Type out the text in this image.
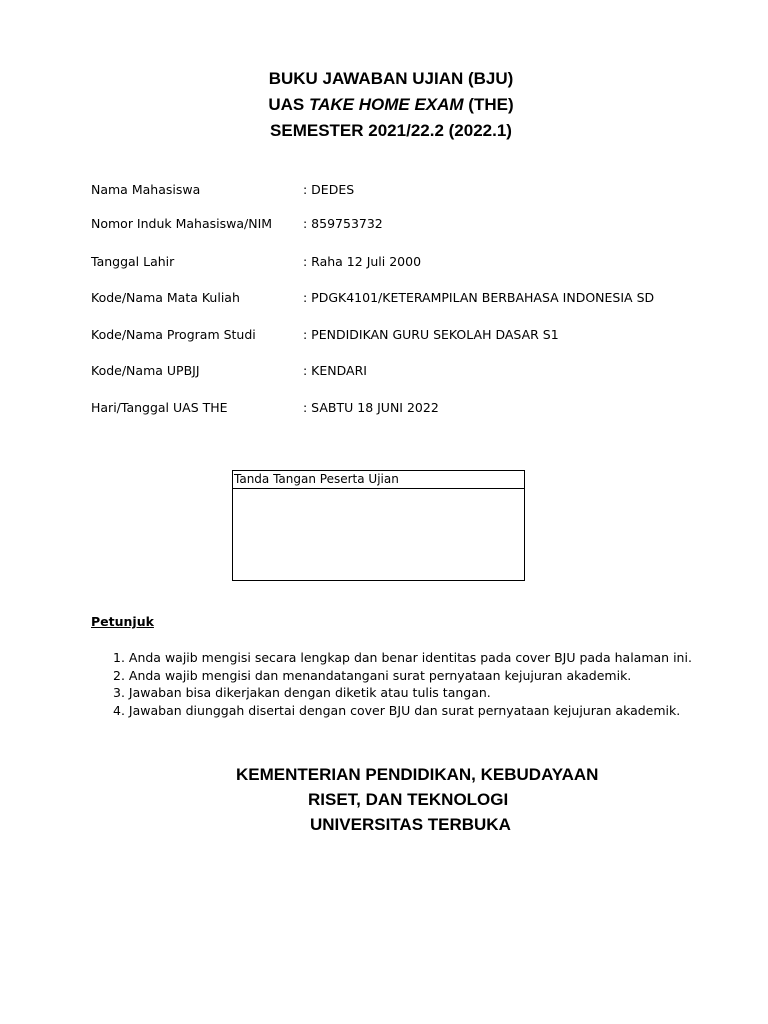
BUKU JAWABAN UJIAN (BJU)
UAS TAKE HOME EXAM (THE)
SEMESTER 2021/22.2 (2022.1)
Nama Mahasiswa	: DEDES
Nomor Induk Mahasiswa/NIM : 859753732
Tanggal Lahir	: Raha 12 Juli 2000
Kode/Nama Mata Kuliah	: PDGK4101/KETERAMPILAN BERBAHASA INDONESIA SD
Kode/Nama Program Studi	: PENDIDIKAN GURU SEKOLAH DASAR S1
Kode/Nama UPBJJ	: KENDARI
Hari/Tanggal UAS THE	: SABTU 18 JUNI 2022
Tanda Tangan Peserta Ujian
Petunjuk
1. Anda wajib mengisi secara lengkap dan benar identitas pada cover BJU pada halaman ini.
2. Anda wajib mengisi dan menandatangani surat pernyataan kejujuran akademik.
3. Jawaban bisa dikerjakan dengan diketik atau tulis tangan.
4. Jawaban diunggah disertai dengan cover BJU dan surat pernyataan kejujuran akademik.
KEMENTERIAN PENDIDIKAN, KEBUDAYAAN
RISET, DAN TEKNOLOGI
UNIVERSITAS TERBUKA
